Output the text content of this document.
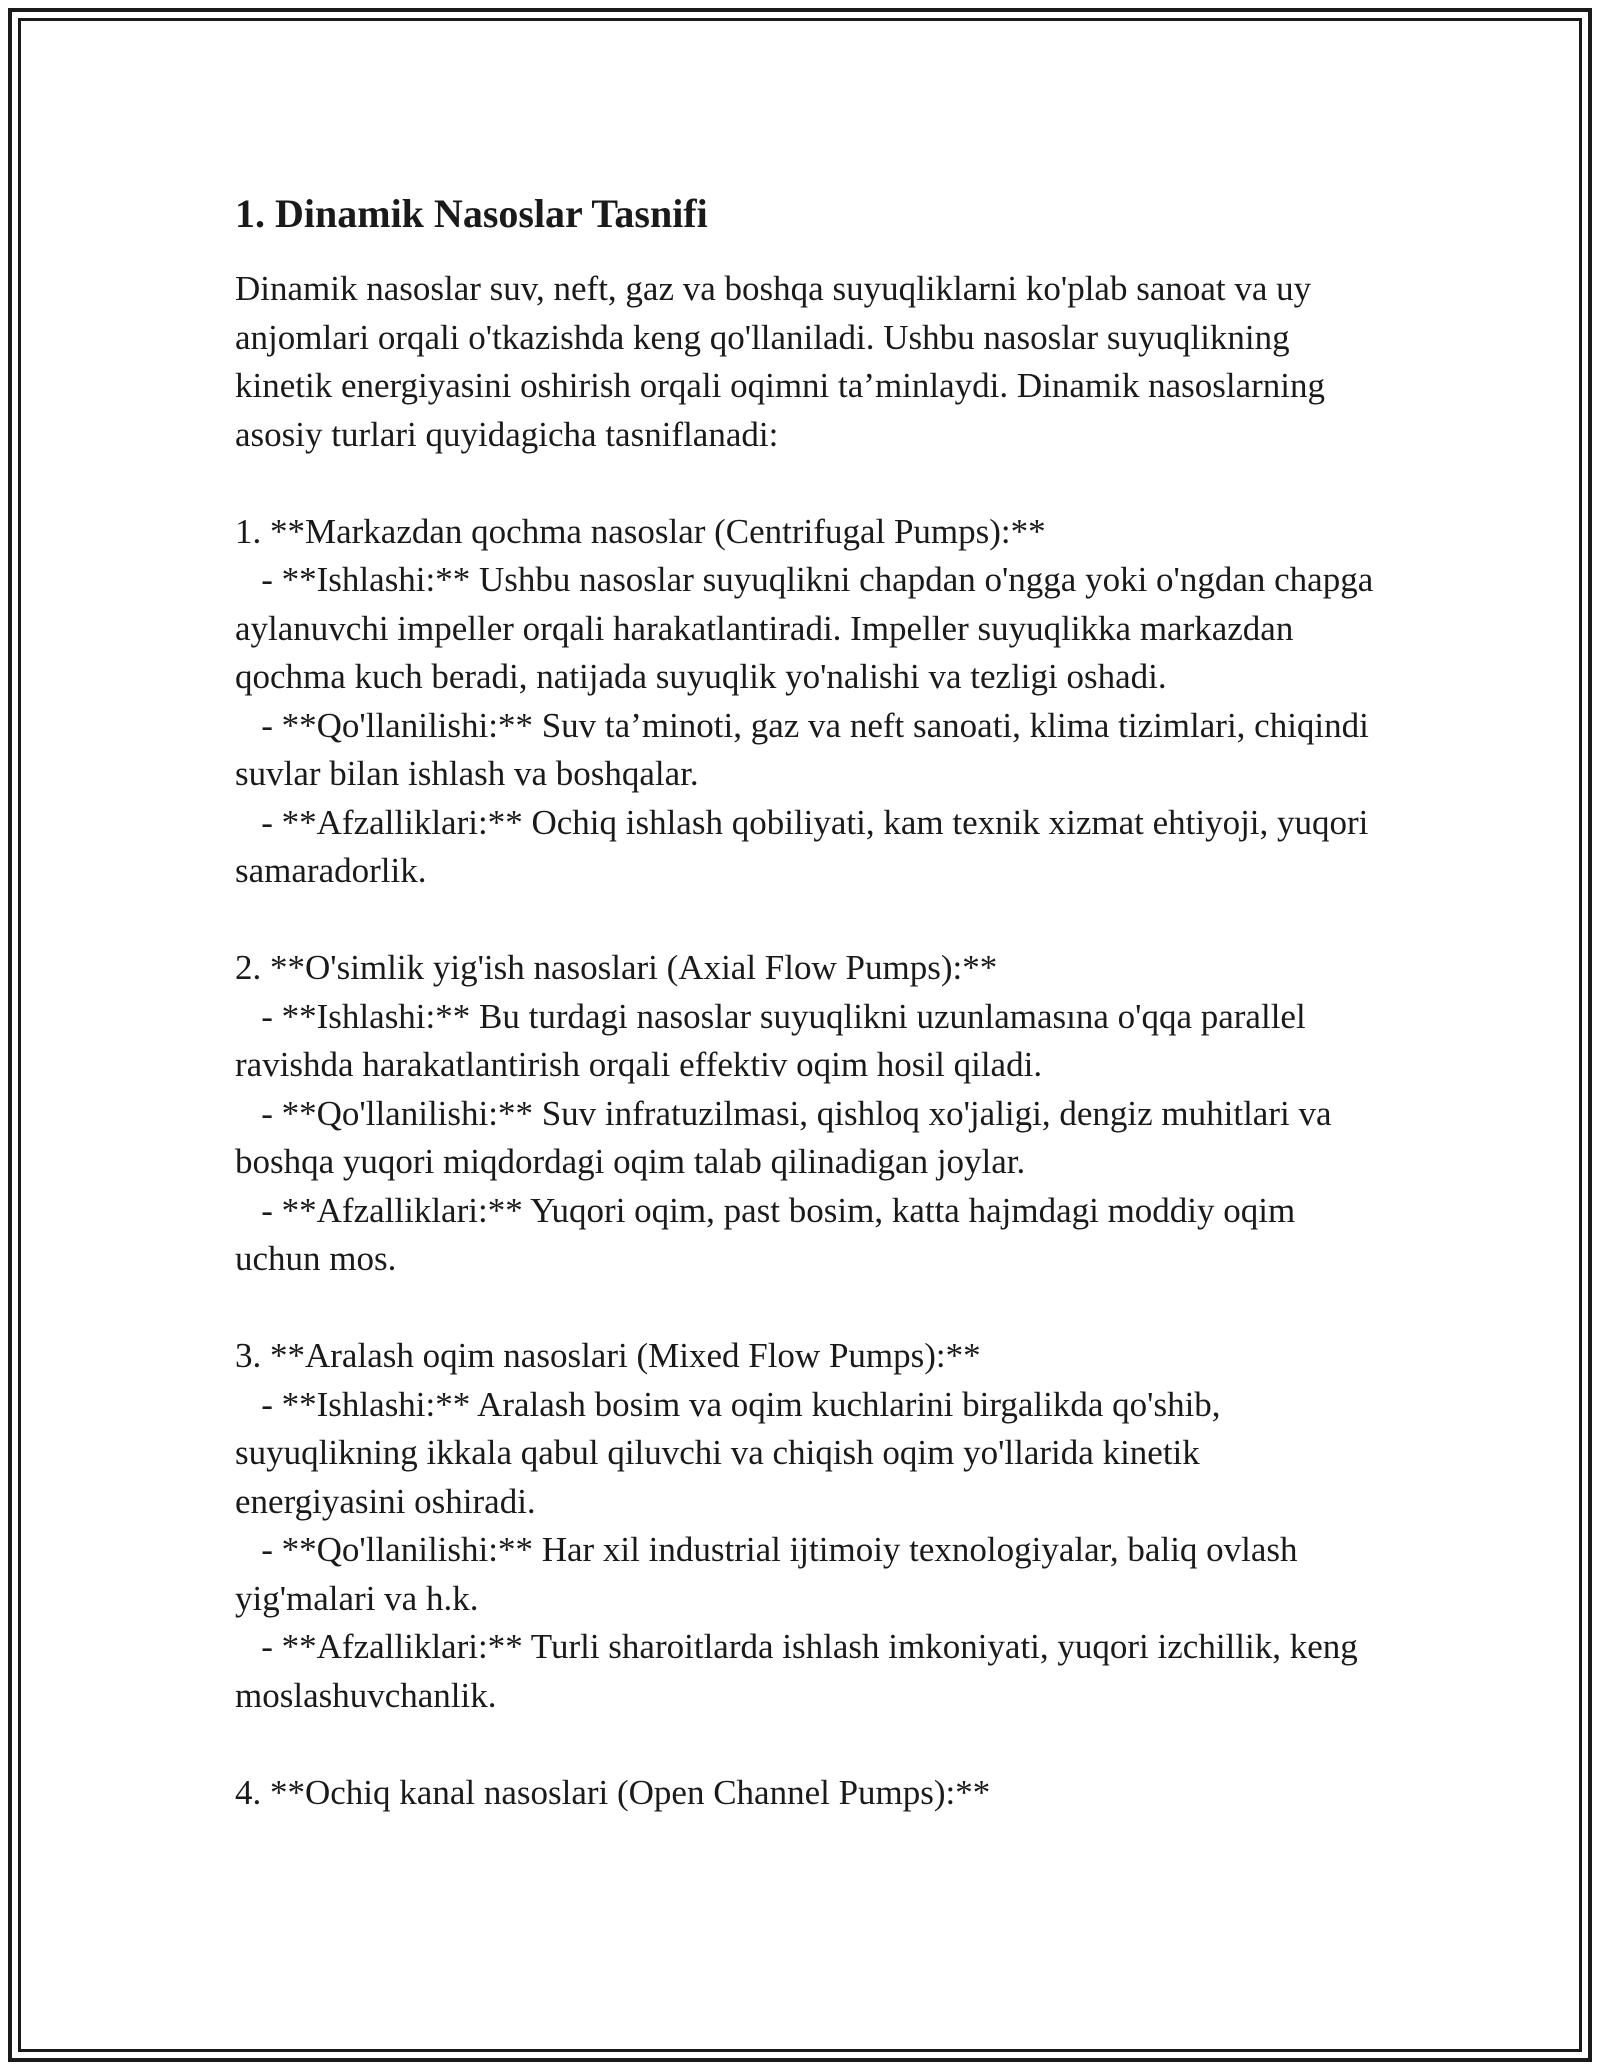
1. Dinamik Nasoslar Tasnifi

Dinamik nasoslar suv, neft, gaz va boshqa suyuqliklarni ko'plab sanoat va uy anjomlari orqali o'tkazishda keng qo'llaniladi. Ushbu nasoslar suyuqlikning kinetik energiyasini oshirish orqali oqimni ta’minlaydi. Dinamik nasoslarning asosiy turlari quyidagicha tasniflanadi:

1. **Markazdan qochma nasoslar (Centrifugal Pumps):**

- **Ishlashi:** Ushbu nasoslar suyuqlikni chapdan o'ngga yoki o'ngdan chapga aylanuvchi impeller orqali harakatlantiradi. Impeller suyuqlikka markazdan qochma kuch beradi, natijada suyuqlik yo'nalishi va tezligi oshadi.

- **Qo'llanilishi:** Suv ta’minoti, gaz va neft sanoati, klima tizimlari, chiqindi suvlar bilan ishlash va boshqalar.

- **Afzalliklari:** Ochiq ishlash qobiliyati, kam texnik xizmat ehtiyoji, yuqori samaradorlik.

2. **O'simlik yig'ish nasoslari (Axial Flow Pumps):**

- **Ishlashi:** Bu turdagi nasoslar suyuqlikni uzunlamasına o'qqa parallel ravishda harakatlantirish orqali effektiv oqim hosil qiladi.

- **Qo'llanilishi:** Suv infratuzilmasi, qishloq xo'jaligi, dengiz muhitlari va boshqa yuqori miqdordagi oqim talab qilinadigan joylar.

- **Afzalliklari:** Yuqori oqim, past bosim, katta hajmdagi moddiy oqim uchun mos.

3. **Aralash oqim nasoslari (Mixed Flow Pumps):**

- **Ishlashi:** Aralash bosim va oqim kuchlarini birgalikda qo'shib, suyuqlikning ikkala qabul qiluvchi va chiqish oqim yo'llarida kinetik energiyasini oshiradi.

- **Qo'llanilishi:** Har xil industrial ijtimoiy texnologiyalar, baliq ovlash yig'malari va h.k.

- **Afzalliklari:** Turli sharoitlarda ishlash imkoniyati, yuqori izchillik, keng moslashuvchanlik.

4. **Ochiq kanal nasoslari (Open Channel Pumps):**
